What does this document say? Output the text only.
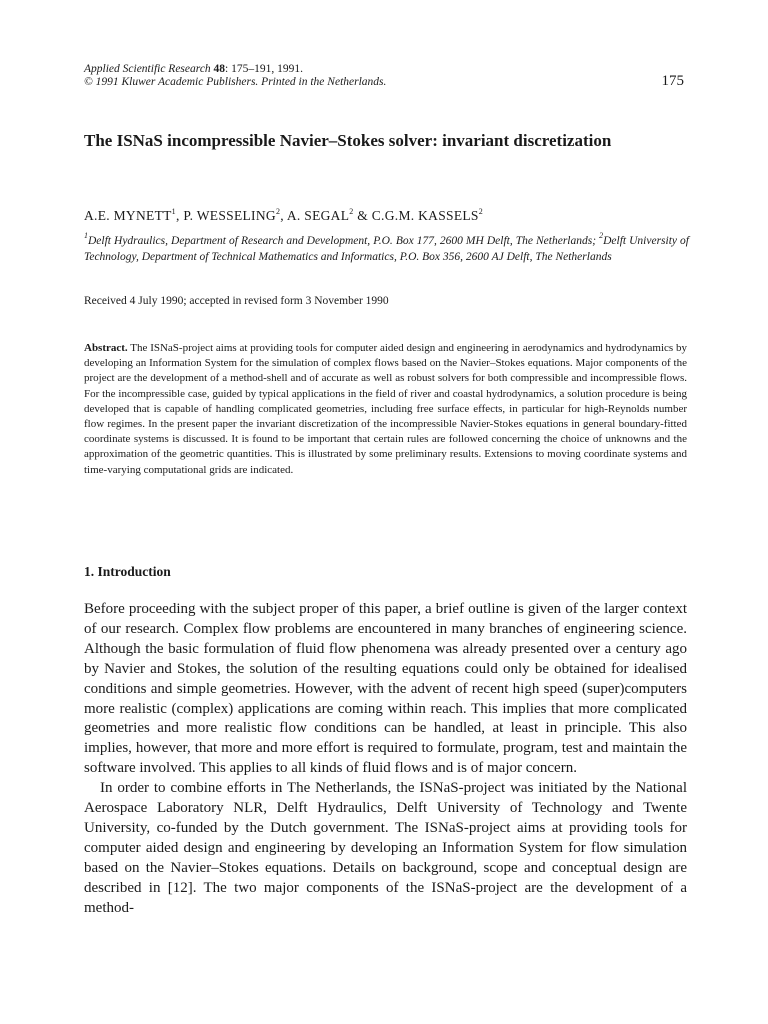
Applied Scientific Research 48: 175–191, 1991.
© 1991 Kluwer Academic Publishers. Printed in the Netherlands.	175
The ISNaS incompressible Navier–Stokes solver: invariant discretization
A.E. MYNETT$^1$, P. WESSELING$^2$, A. SEGAL$^2$ & C.G.M. KASSELS$^2$

$^1$Delft Hydraulics, Department of Research and Development, P.O. Box 177, 2600 MH Delft, The Netherlands; $^2$Delft University of Technology, Department of Technical Mathematics and Informatics, P.O. Box 356, 2600 AJ Delft, The Netherlands

Received 4 July 1990; accepted in revised form 3 November 1990
Abstract. The ISNaS-project aims at providing tools for computer aided design and engineering in aerodynamics and hydrodynamics by developing an Information System for the simulation of complex flows based on the Navier–Stokes equations. Major components of the project are the development of a method-shell and of accurate as well as robust solvers for both compressible and incompressible flows. For the incompressible case, guided by typical applications in the field of river and coastal hydrodynamics, a solution procedure is being developed that is capable of handling complicated geometries, including free surface effects, in particular for high-Reynolds number flow regimes. In the present paper the invariant discretization of the incompressible Navier-Stokes equations in general boundary-fitted coordinate systems is discussed. It is found to be important that certain rules are followed concerning the choice of unknowns and the approximation of the geometric quantities. This is illustrated by some preliminary results. Extensions to moving coordinate systems and time-varying computational grids are indicated.
1. Introduction

Before proceeding with the subject proper of this paper, a brief outline is given of the larger context of our research. Complex flow problems are encountered in many branches of engineering science. Although the basic formulation of fluid flow phenomena was already presented over a century ago by Navier and Stokes, the solution of the resulting equations could only be obtained for idealised conditions and simple geometries. However, with the advent of recent high speed (super)computers more realistic (complex) applications are coming within reach. This implies that more complicated geometries and more realistic flow conditions can be handled, at least in principle. This also implies, however, that more and more effort is required to formulate, program, test and maintain the software involved. This applies to all kinds of fluid flows and is of major concern.

In order to combine efforts in The Netherlands, the ISNaS-project was initiated by the National Aerospace Laboratory NLR, Delft Hydraulics, Delft University of Technology and Twente University, co-funded by the Dutch government. The ISNaS-project aims at providing tools for computer aided design and engineering by developing an Information System for flow simulation based on the Navier–Stokes equations. Details on background, scope and conceptual design are described in [12]. The two major components of the ISNaS-project are the development of a method-
